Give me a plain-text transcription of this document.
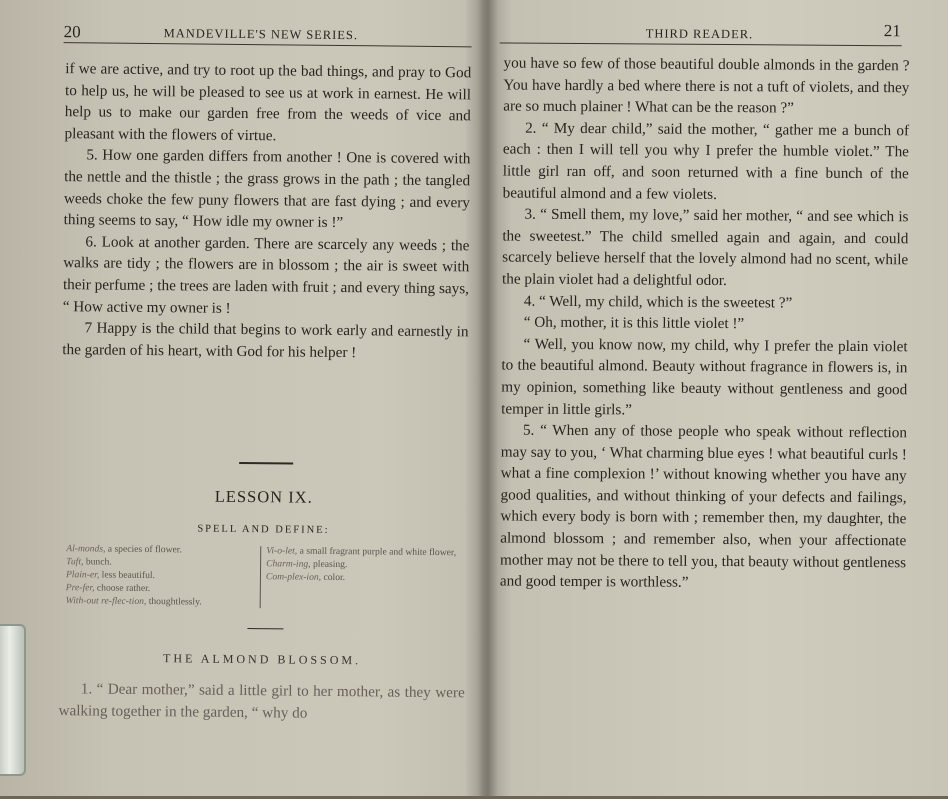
20	MANDEVILLE'S NEW SERIES.

if we are active, and try to root up the bad things, and pray to God to help us, he will be pleased to see us at work in earnest. He will help us to make our garden free from the weeds of vice and pleasant with the flowers of virtue.

5. How one garden differs from another ! One is covered with the nettle and the thistle ; the grass grows in the path ; the tangled weeds choke the few puny flowers that are fast dying ; and every thing seems to say, “ How idle my owner is !”

6. Look at another garden. There are scarcely any weeds ; the walks are tidy ; the flowers are in blossom ; the air is sweet with their perfume ; the trees are laden with fruit ; and every thing says, “ How active my owner is !

7 Happy is the child that begins to work early and earnestly in the garden of his heart, with God for his helper !

LESSON IX.
SPELL AND DEFINE:
Al-monds, a species of flower.
Tuft, bunch.
Plain-er, less beautiful.
Pre-fer, choose rather.
With-out re-flec-tion, thoughtlessly.
Vi-o-let, a small fragrant purple and white flower,
Charm-ing, pleasing.
Com-plex-ion, color.
THE ALMOND BLOSSOM.

1. “ Dear mother,” said a little girl to her mother, as they were walking together in the garden, “ why do

THIRD READER.	21

you have so few of those beautiful double almonds in the garden ? You have hardly a bed where there is not a tuft of violets, and they are so much plainer ! What can be the reason ?”

2. “ My dear child,” said the mother, “ gather me a bunch of each : then I will tell you why I prefer the humble violet.” The little girl ran off, and soon returned with a fine bunch of the beautiful almond and a few violets.

3. “ Smell them, my love,” said her mother, “ and see which is the sweetest.” The child smelled again and again, and could scarcely believe herself that the lovely almond had no scent, while the plain violet had a delightful odor.

4. “ Well, my child, which is the sweetest ?”

“ Oh, mother, it is this little violet !”

“ Well, you know now, my child, why I prefer the plain violet to the beautiful almond. Beauty without fragrance in flowers is, in my opinion, something like beauty without gentleness and good temper in little girls.”

5. “ When any of those people who speak without reflection may say to you, ‘ What charming blue eyes ! what beautiful curls ! what a fine complexion !’ without knowing whether you have any good qualities, and without thinking of your defects and failings, which every body is born with ; remember then, my daughter, the almond blossom ; and remember also, when your affectionate mother may not be there to tell you, that beauty without gentleness and good temper is worthless.”
